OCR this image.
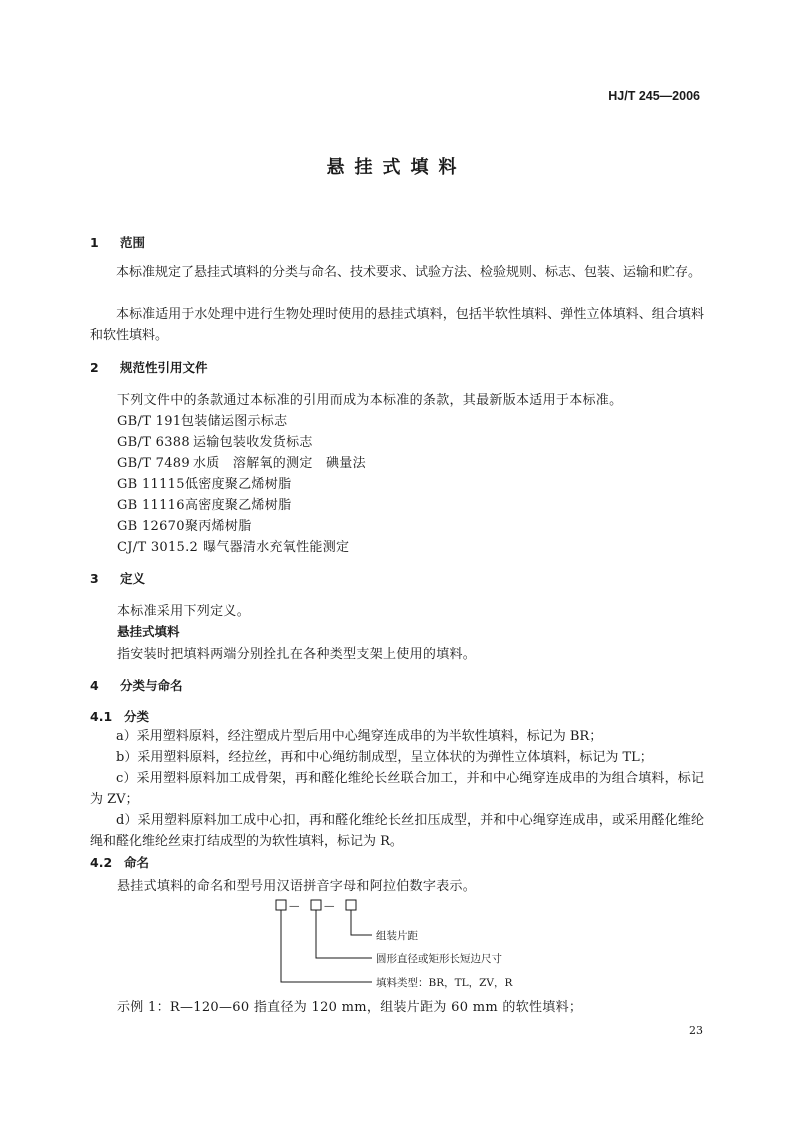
HJ/T 245—2006
悬挂式填料
1 范围
本标准规定了悬挂式填料的分类与命名、技术要求、试验方法、检验规则、标志、包装、运输和贮存。
本标准适用于水处理中进行生物处理时使用的悬挂式填料，包括半软性填料、弹性立体填料、组合填料和软性填料。
2 规范性引用文件
下列文件中的条款通过本标准的引用而成为本标准的条款，其最新版本适用于本标准。
GB/T 191包装储运图示标志
GB/T 6388 运输包装收发货标志
GB/T 7489 水质　溶解氧的测定　碘量法
GB 11115低密度聚乙烯树脂
GB 11116高密度聚乙烯树脂
GB 12670聚丙烯树脂
CJ/T 3015.2 曝气器清水充氧性能测定
3 定义
本标准采用下列定义。
悬挂式填料
指安装时把填料两端分别拴扎在各种类型支架上使用的填料。
4 分类与命名
4.1 分类
a）采用塑料原料，经注塑成片型后用中心绳穿连成串的为半软性填料，标记为 BR；
b）采用塑料原料，经拉丝，再和中心绳纺制成型，呈立体状的为弹性立体填料，标记为 TL；
c）采用塑料原料加工成骨架，再和醛化维纶长丝联合加工，并和中心绳穿连成串的为组合填料，标记为 ZV；
d）采用塑料原料加工成中心扣，再和醛化维纶长丝扣压成型，并和中心绳穿连成串，或采用醛化维纶绳和醛化维纶丝束打结成型的为软性填料，标记为 R。
4.2 命名
悬挂式填料的命名和型号用汉语拼音字母和阿拉伯数字表示。
— —
组装片距
圆形直径或矩形长短边尺寸
填料类型：BR，TL，ZV，R
示例 1：R—120—60 指直径为 120 mm，组装片距为 60 mm 的软性填料；
23
